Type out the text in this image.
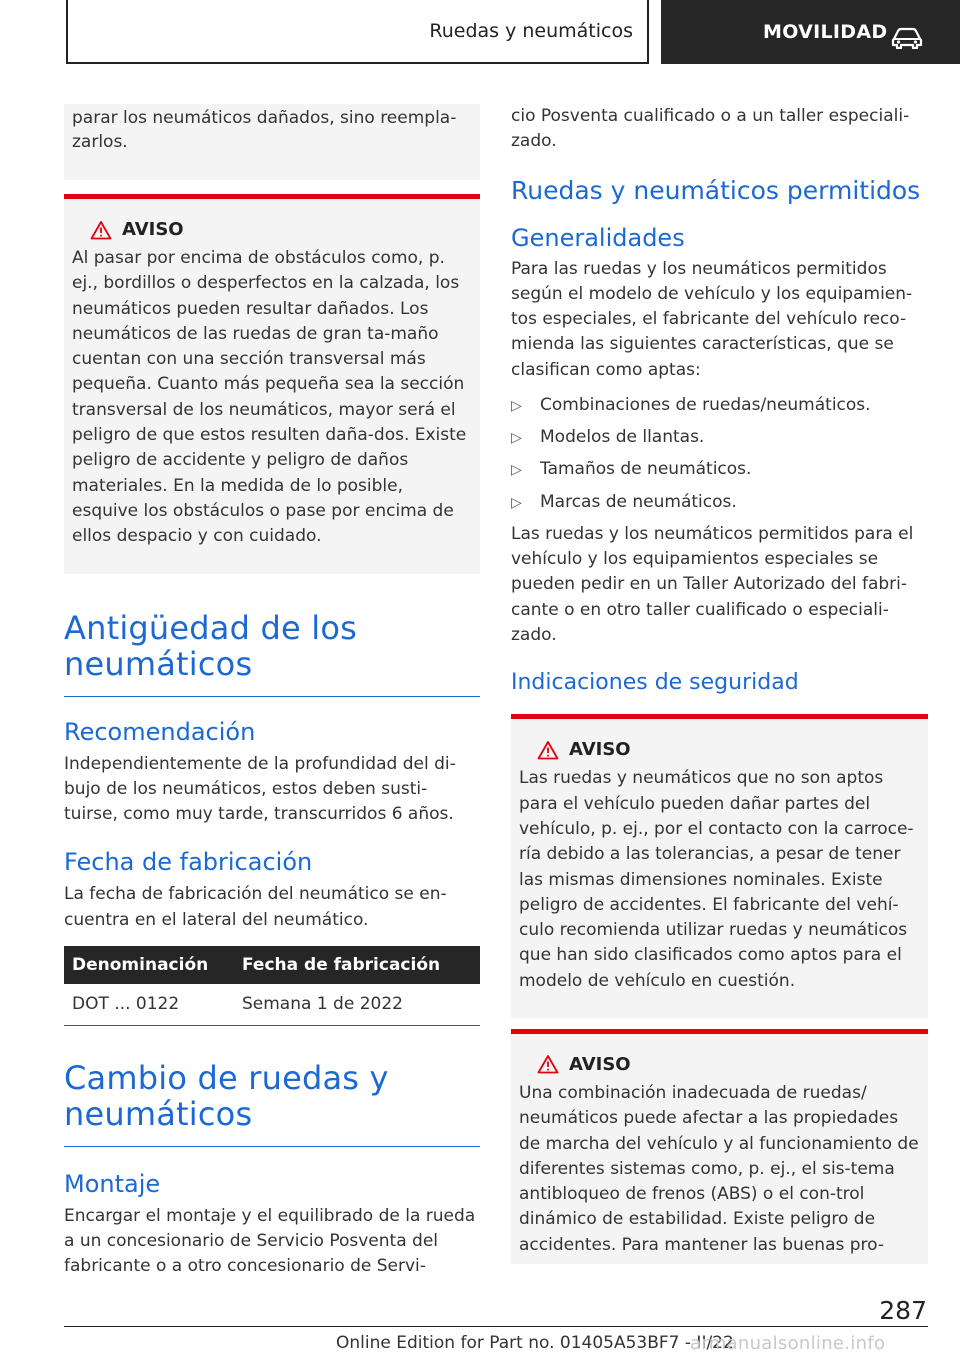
Ruedas y neumáticos	MOVILIDAD
parar los neumáticos dañados, sino reempla-zarlos.
AVISO

Al pasar por encima de obstáculos como, p. ej., bordillos o desperfectos en la calzada, los neumáticos pueden resultar dañados. Los neumáticos de las ruedas de gran ta-maño cuentan con una sección transversal más pequeña. Cuanto más pequeña sea la sección transversal de los neumáticos, mayor será el peligro de que estos resulten daña-dos. Existe peligro de accidente y peligro de daños materiales. En la medida de lo posible, esquive los obstáculos o pase por encima de ellos despacio y con cuidado.

Antigüedad de los neumáticos
Recomendación

Independientemente de la profundidad del di-bujo de los neumáticos, estos deben susti-tuirse, como muy tarde, transcurridos 6 años.

Fecha de fabricación

La fecha de fabricación del neumático se en-cuentra en el lateral del neumático.

Denominación	Fecha de fabricación
DOT ... 0122	Semana 1 de 2022
Cambio de ruedas y neumáticos
Montaje

Encargar el montaje y el equilibrado de la rueda a un concesionario de Servicio Posventa del fabricante o a otro concesionario de Servi-

cio Posventa cualificado o a un taller especiali-zado.

Ruedas y neumáticos permitidos
Generalidades

Para las ruedas y los neumáticos permitidos según el modelo de vehículo y los equipamien-tos especiales, el fabricante del vehículo reco-mienda las siguientes características, que se clasifican como aptas:

▷ Combinaciones de ruedas/neumáticos.
▷ Modelos de llantas.
▷ Tamaños de neumáticos.
▷ Marcas de neumáticos.

Las ruedas y los neumáticos permitidos para el vehículo y los equipamientos especiales se pueden pedir en un Taller Autorizado del fabri-cante o en otro taller cualificado o especiali-zado.

Indicaciones de seguridad
AVISO

Las ruedas y neumáticos que no son aptos para el vehículo pueden dañar partes del vehículo, p. ej., por el contacto con la carroce-ría debido a las tolerancias, a pesar de tener las mismas dimensiones nominales. Existe peligro de accidentes. El fabricante del vehí-culo recomienda utilizar ruedas y neumáticos que han sido clasificados como aptos para el modelo de vehículo en cuestión.

AVISO

Una combinación inadecuada de ruedas/ neumáticos puede afectar a las propiedades de marcha del vehículo y al funcionamiento de diferentes sistemas como, p. ej., el sis-tema antibloqueo de frenos (ABS) o el con-trol dinámico de estabilidad. Existe peligro de accidentes. Para mantener las buenas pro-

287
Online Edition for Part no. 01405A53BF7 - II/22
armanualsonline.info
